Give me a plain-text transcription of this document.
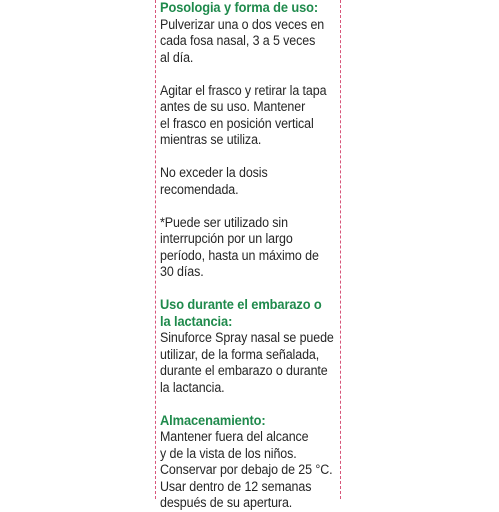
Posologia y forma de uso:
Pulverizar una o dos veces en
cada fosa nasal, 3 a 5 veces
al día.
Agitar el frasco y retirar la tapa
antes de su uso. Mantener
el frasco en posición vertical
mientras se utiliza.
No exceder la dosis
recomendada.
*Puede ser utilizado sin
interrupción por un largo
período, hasta un máximo de
30 días.
Uso durante el embarazo o
la lactancia:
Sinuforce Spray nasal se puede
utilizar, de la forma señalada,
durante el embarazo o durante
la lactancia.
Almacenamiento:
Mantener fuera del alcance
y de la vista de los niños.
Conservar por debajo de 25 °C.
Usar dentro de 12 semanas
después de su apertura.
